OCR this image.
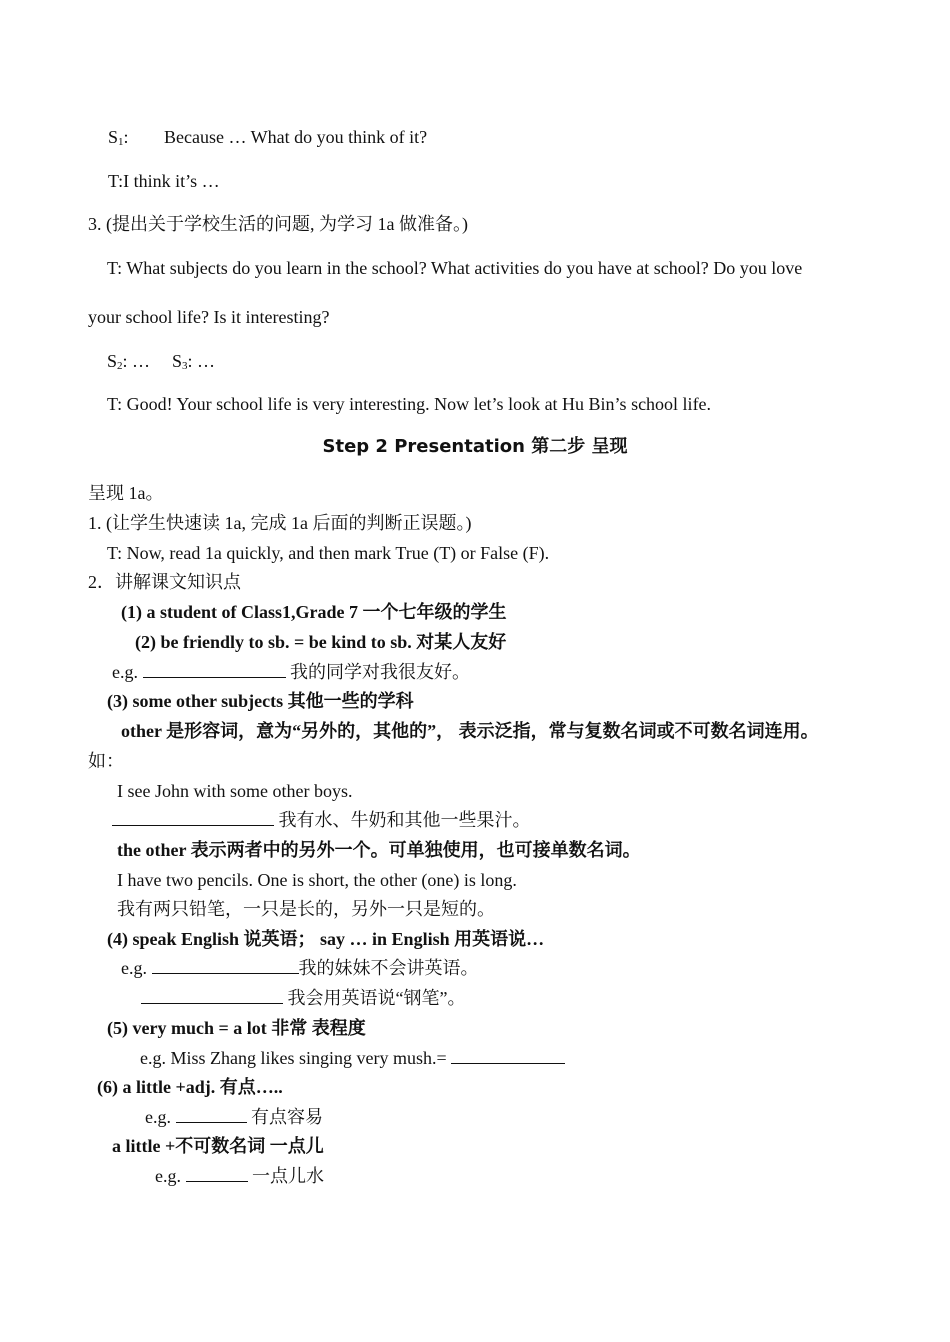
$S_1$: Because … What do you think of it?
T:I think it’s …
3. (提出关于学校生活的问题, 为学习 1a 做准备。)
T: What subjects do you learn in the school? What activities do you have at school? Do you love
your school life? Is it interesting?
$S_2$: … $S_3$: …
T: Good! Your school life is very interesting. Now let’s look at Hu Bin’s school life.
Step 2 Presentation 第二步 呈现
呈现 1a。
1. (让学生快速读 1a, 完成 1a 后面的判断正误题。)
T: Now, read 1a quickly, and then mark True (T) or False (F).
2．讲解课文知识点
(1) a student of Class1,Grade 7 一个七年级的学生
(2) be friendly to sb. = be kind to sb. 对某人友好
e.g.	我的同学对我很友好。
(3) some other subjects 其他一些的学科
other 是形容词，意为“另外的，其他的”， 表示泛指，常与复数名词或不可数名词连用。
如：
I see John with some other boys.
我有水、牛奶和其他一些果汁。
the other 表示两者中的另外一个。可单独使用，也可接单数名词。
I have two pencils. One is short, the other (one) is long.
我有两只铅笔，一只是长的，另外一只是短的。
(4) speak English 说英语； say … in English 用英语说…
e.g.	我的妹妹不会讲英语。
我会用英语说“钢笔”。
(5) very much = a lot 非常 表程度
e.g. Miss Zhang likes singing very mush.=
(6) a little +adj. 有点…..
e.g.	有点容易
a little +不可数名词 一点儿
e.g.	一点儿水
